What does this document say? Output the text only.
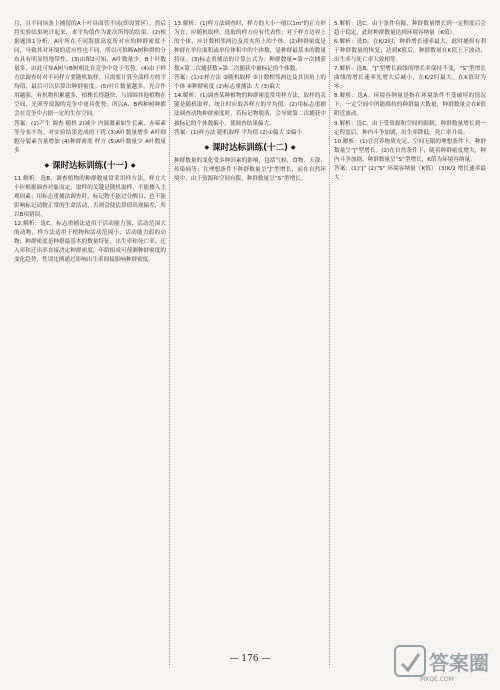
月，且不同场条上捕留的A十叶具面管不同(即设置区），然后将实验结果统计起来，求平均值作为此次所得的结果。(2)根据题图1分析，A叶所在不同海拔高度所对应的种群密度不同，导致其对环境的适应性也不同，所以可推断A树种群的分布具有明显的地带性。(3)由图2可知，A叶数量少，B十叶数量多，由此可知A树与B树相比在竞争中处于劣势。(4)由于样方法调查时对不同样方要随机取样，且需要计算全部样方的平均值，最后可以估算出种群密度。(5)叶片数量越多，光合作用越强，有机物积累越多，植株长得越快，与周围其他植物在空间、光照等资源的竞争中更具优势，所以A、B两种树种都会在竞争中占据一定的生存空间。

答案：(1)产生 调查 随机 2)减少 内源激素如生长素、赤霉素等分布不均。对实验结果造成的干扰 (3)A叶数量增多 A叶细胞分裂素含量增加 (4)种群密度 样方 (5)A叶数量少 A叶数量多

◆ 课时达标训练(十一) ◆

11.解析：选B。调查植物的种群数量常采用样方法，样方大小应根据调查对象而定，取样的关键是随机取样，不能掺入主观因素；用标志重捕法调查时，标记物不能过分醒目，也不能影响标记动物正常的生命活动，否则会使估算值出现偏差，所以B项错误。

12.解析：选C。标志重捕法适用于活动能力强、活动范围大的动物，样方法适用于植物和活动范围小、活动能力弱的动物；种群密度是种群最基本的数量特征，出生率和死亡率、迁入率和迁出率直接决定种群密度，年龄组成可预测种群密度的变化趋势，性别比例通过影响出生率间接影响种群密度。

13.解析：(1)样方法调查时，样方的大小一般以1m²的正方形为宜，应随机取样，选取的样方应有代表性；对于样方边界上的个体，应计数相邻两边及其夹角上的个体。(2)种群密度是种群在单位面积或单位体积中的个体数，是种群最基本的数量特征。(3)标志重捕法的计算公式为：种群数量=第一次捕获数×第二次捕获数÷第二次捕获中被标记的个体数。

答案：(1)①样方法 ②随机取样 ③计数相邻两边及其顶角上的个体 ④种群密度 (2)标志重捕法 大 (3)偏大

14.解析：(1)调查某种植物的种群密度常用样方法，取样的关键是随机取样，统计时应取各样方的平均值。(2)用标志重捕法调查动物种群密度时，若标记物脱落，会导致第二次捕获中被标记的个体数偏小，使调查结果偏大。

答案：(1)样方法 随机取样 平均值 (2)①偏大 ②偏小

◆ 课时达标训练(十二) ◆

种群数量的变化受多种因素的影响，包括气候、食物、天敌、传染病等；在理想条件下种群数量呈“J”型增长，而在自然环境中，由于资源和空间有限，种群数量呈“S”型增长。

5.解析：选C。由于条件有限，种群数量增长到一定程度后会趋于稳定，此时种群数量达到环境容纳量（K值）。

6.解析：选D。在K/2时，种群增长速率最大，此时捕捞有利于种群数量的恢复；达到K值后，种群数量在K值上下波动，出生率与死亡率大致相等。

7.解析：选B。“J”型增长曲线的增长率保持不变，“S”型增长曲线的增长速率先增大后减小，在K/2时最大，在K值时为零。

8.解析：选A。环境容纳量是指在环境条件不受破坏的情况下，一定空间中所能维持的种群最大数量，种群数量会在K值附近波动。

9.解析：选C。由于受资源和空间的限制，种群数量增长到一定程度后，种内斗争加剧，出生率降低，死亡率升高。

10.解析：(1)在营养物质充足、空间无限的理想条件下，种群数量呈“J”型增长。(2)在自然条件下，随着种群密度增大，种内斗争加剧，种群数量呈“S”型增长，K值为环境容纳量。

答案：(1)“J” (2)“S” 环境容纳量（K值） (3)K/2 增长速率最大

— 176 —	答案圈
MXQE.COM
